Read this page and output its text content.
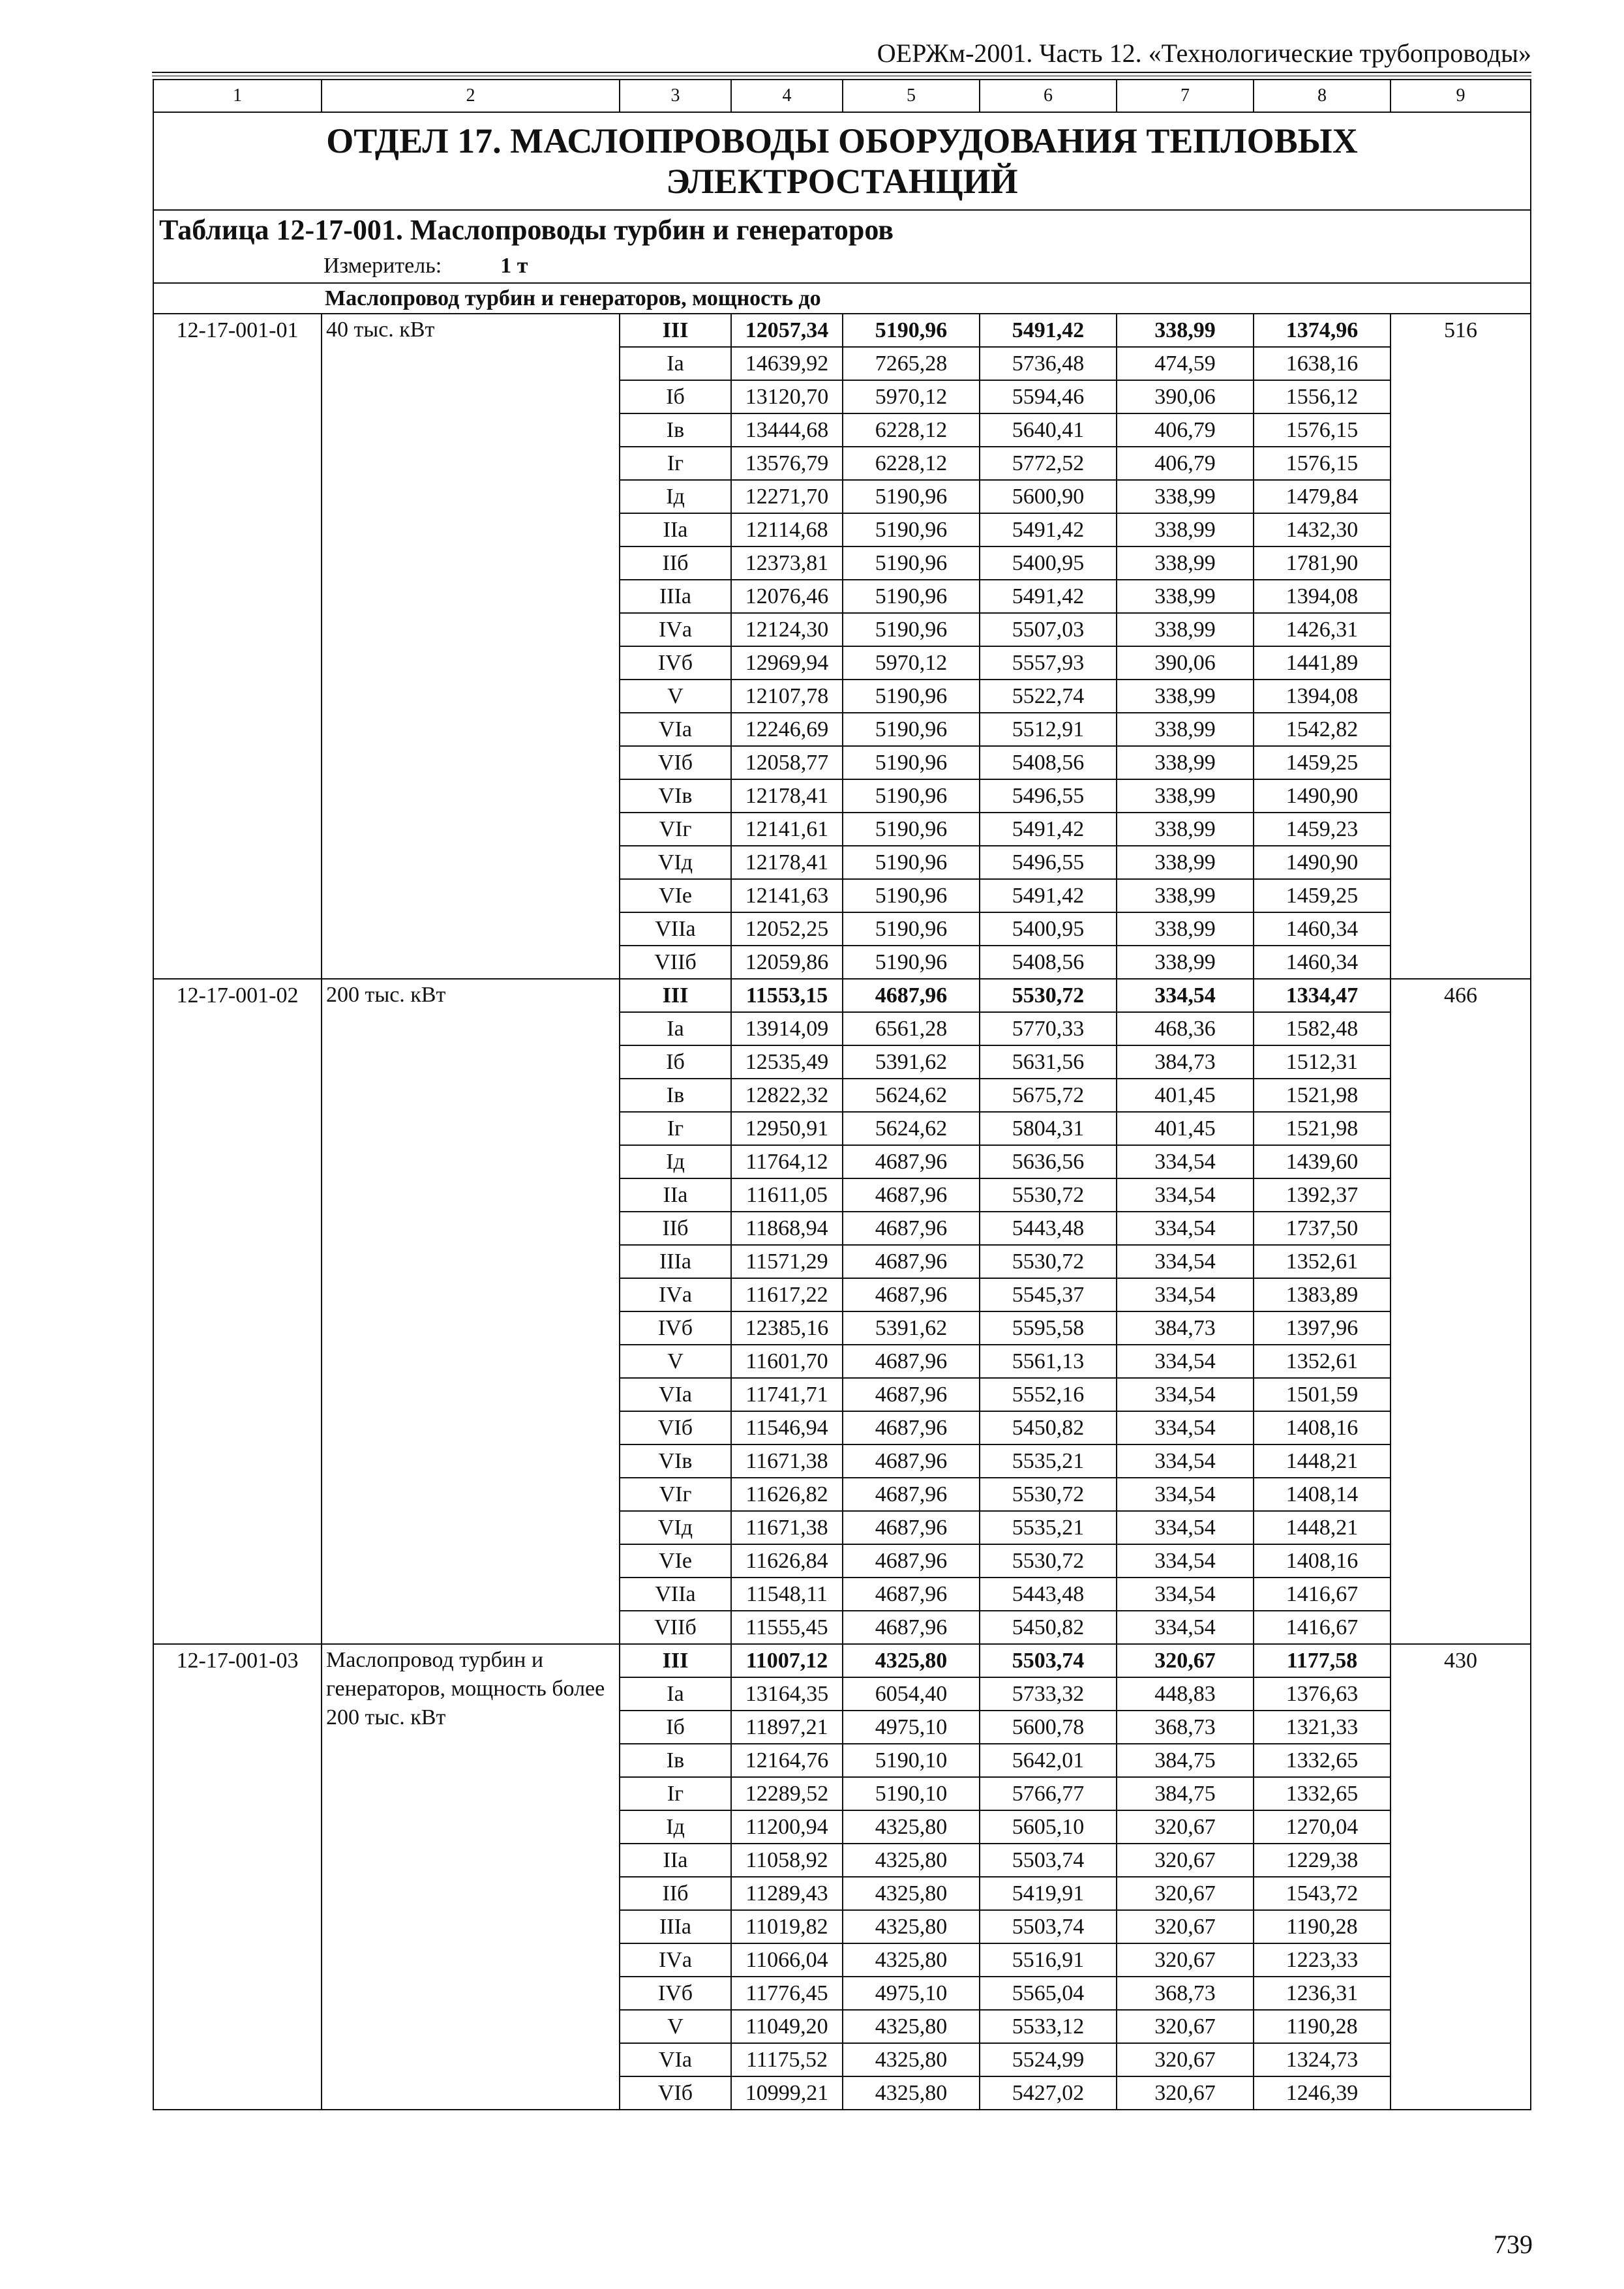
ОЕРЖм-2001. Часть 12. «Технологические трубопроводы»
1	2	3	4	5	6	7	8	9
ОТДЕЛ 17. МАСЛОПРОВОДЫ ОБОРУДОВАНИЯ ТЕПЛОВЫХ ЭЛЕКТРОСТАНЦИЙ								
Таблица 12-17-001. Маслопроводы турбин и генераторов								
Измеритель: 1 т								
Маслопровод турбин и генераторов, мощность до								
12-17-001-01	40 тыс. кВт	III	12057,34	5190,96	5491,42	338,99	1374,96	516
		Iа	14639,92	7265,28	5736,48	474,59	1638,16	
		Iб	13120,70	5970,12	5594,46	390,06	1556,12	
		Iв	13444,68	6228,12	5640,41	406,79	1576,15	
		Iг	13576,79	6228,12	5772,52	406,79	1576,15	
		Iд	12271,70	5190,96	5600,90	338,99	1479,84	
		IIа	12114,68	5190,96	5491,42	338,99	1432,30	
		IIб	12373,81	5190,96	5400,95	338,99	1781,90	
		IIIа	12076,46	5190,96	5491,42	338,99	1394,08	
		IVа	12124,30	5190,96	5507,03	338,99	1426,31	
		IVб	12969,94	5970,12	5557,93	390,06	1441,89	
		V	12107,78	5190,96	5522,74	338,99	1394,08	
		VIа	12246,69	5190,96	5512,91	338,99	1542,82	
		VIб	12058,77	5190,96	5408,56	338,99	1459,25	
		VIв	12178,41	5190,96	5496,55	338,99	1490,90	
		VIг	12141,61	5190,96	5491,42	338,99	1459,23	
		VIд	12178,41	5190,96	5496,55	338,99	1490,90	
		VIе	12141,63	5190,96	5491,42	338,99	1459,25	
		VIIа	12052,25	5190,96	5400,95	338,99	1460,34	
		VIIб	12059,86	5190,96	5408,56	338,99	1460,34	
12-17-001-02	200 тыс. кВт	III	11553,15	4687,96	5530,72	334,54	1334,47	466
		Iа	13914,09	6561,28	5770,33	468,36	1582,48	
		Iб	12535,49	5391,62	5631,56	384,73	1512,31	
		Iв	12822,32	5624,62	5675,72	401,45	1521,98	
		Iг	12950,91	5624,62	5804,31	401,45	1521,98	
		Iд	11764,12	4687,96	5636,56	334,54	1439,60	
		IIа	11611,05	4687,96	5530,72	334,54	1392,37	
		IIб	11868,94	4687,96	5443,48	334,54	1737,50	
		IIIа	11571,29	4687,96	5530,72	334,54	1352,61	
		IVа	11617,22	4687,96	5545,37	334,54	1383,89	
		IVб	12385,16	5391,62	5595,58	384,73	1397,96	
		V	11601,70	4687,96	5561,13	334,54	1352,61	
		VIа	11741,71	4687,96	5552,16	334,54	1501,59	
		VIб	11546,94	4687,96	5450,82	334,54	1408,16	
		VIв	11671,38	4687,96	5535,21	334,54	1448,21	
		VIг	11626,82	4687,96	5530,72	334,54	1408,14	
		VIд	11671,38	4687,96	5535,21	334,54	1448,21	
		VIе	11626,84	4687,96	5530,72	334,54	1408,16	
		VIIа	11548,11	4687,96	5443,48	334,54	1416,67	
		VIIб	11555,45	4687,96	5450,82	334,54	1416,67	
12-17-001-03	Маслопровод турбин и генераторов, мощность более 200 тыс. кВт	III	11007,12	4325,80	5503,74	320,67	1177,58	430
		Iа	13164,35	6054,40	5733,32	448,83	1376,63	
		Iб	11897,21	4975,10	5600,78	368,73	1321,33	
		Iв	12164,76	5190,10	5642,01	384,75	1332,65	
		Iг	12289,52	5190,10	5766,77	384,75	1332,65	
		Iд	11200,94	4325,80	5605,10	320,67	1270,04	
		IIа	11058,92	4325,80	5503,74	320,67	1229,38	
		IIб	11289,43	4325,80	5419,91	320,67	1543,72	
		IIIа	11019,82	4325,80	5503,74	320,67	1190,28	
		IVа	11066,04	4325,80	5516,91	320,67	1223,33	
		IVб	11776,45	4975,10	5565,04	368,73	1236,31	
		V	11049,20	4325,80	5533,12	320,67	1190,28	
		VIа	11175,52	4325,80	5524,99	320,67	1324,73	
		VIб	10999,21	4325,80	5427,02	320,67	1246,39	
739
